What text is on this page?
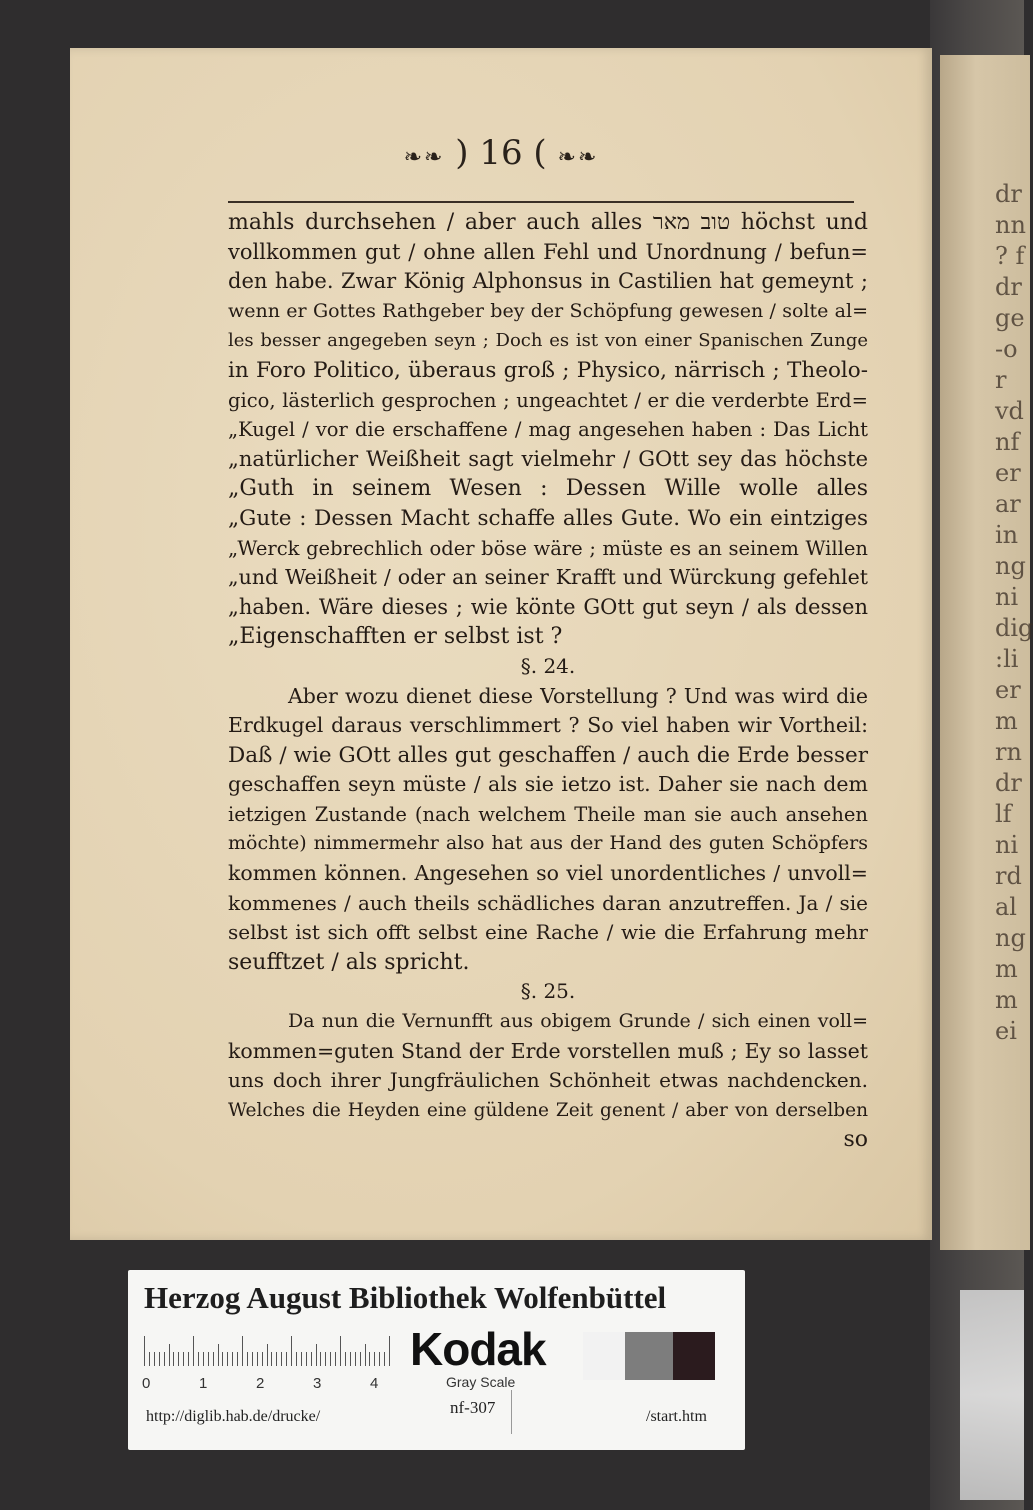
dr
nn
? f
dr
ge
-o
r
vd
nf
er
ar
in
ng
ni
dig
:li
er
m
rn
dr
lf
ni
rd
al
ng
m
m
ei
❧❧ ) 16 ( ❧❧
mahls durchsehen / aber auch alles טוב מאר höchst und
vollkommen gut / ohne allen Fehl und Unordnung / befun=
den habe. Zwar König Alphonsus in Castilien hat gemeynt ;
wenn er Gottes Rathgeber bey der Schöpfung gewesen / solte al=
les besser angegeben seyn ; Doch es ist von einer Spanischen Zunge
in Foro Politico, überaus groß ; Physico, närrisch ; Theolo-
gico, lästerlich gesprochen ; ungeachtet / er die verderbte Erd=
„Kugel / vor die erschaffene / mag angesehen haben : Das Licht
„natürlicher Weißheit sagt vielmehr / GOtt sey das höchste
„Guth in seinem Wesen : Dessen Wille wolle alles
„Gute : Dessen Macht schaffe alles Gute. Wo ein eintziges
„Werck gebrechlich oder böse wäre ; müste es an seinem Willen
„und Weißheit / oder an seiner Krafft und Würckung gefehlet
„haben. Wäre dieses ; wie könte GOtt gut seyn / als dessen
„Eigenschafften er selbst ist ?
§. 24.
Aber wozu dienet diese Vorstellung ? Und was wird die
Erdkugel daraus verschlimmert ? So viel haben wir Vortheil:
Daß / wie GOtt alles gut geschaffen / auch die Erde besser
geschaffen seyn müste / als sie ietzo ist. Daher sie nach dem
ietzigen Zustande (nach welchem Theile man sie auch ansehen
möchte) nimmermehr also hat aus der Hand des guten Schöpfers
kommen können. Angesehen so viel unordentliches / unvoll=
kommenes / auch theils schädliches daran anzutreffen. Ja / sie
selbst ist sich offt selbst eine Rache / wie die Erfahrung mehr
seufftzet / als spricht.
§. 25.
Da nun die Vernunfft aus obigem Grunde / sich einen voll=
kommen=guten Stand der Erde vorstellen muß ; Ey so lasset
uns doch ihrer Jungfräulichen Schönheit etwas nachdencken.
Welches die Heyden eine güldene Zeit genent / aber von derselben
so
Herzog August Bibliothek Wolfenbüttel
0	1	2	3	4
Kodak
Gray Scale
http://diglib.hab.de/drucke/	nf-307	/start.htm
